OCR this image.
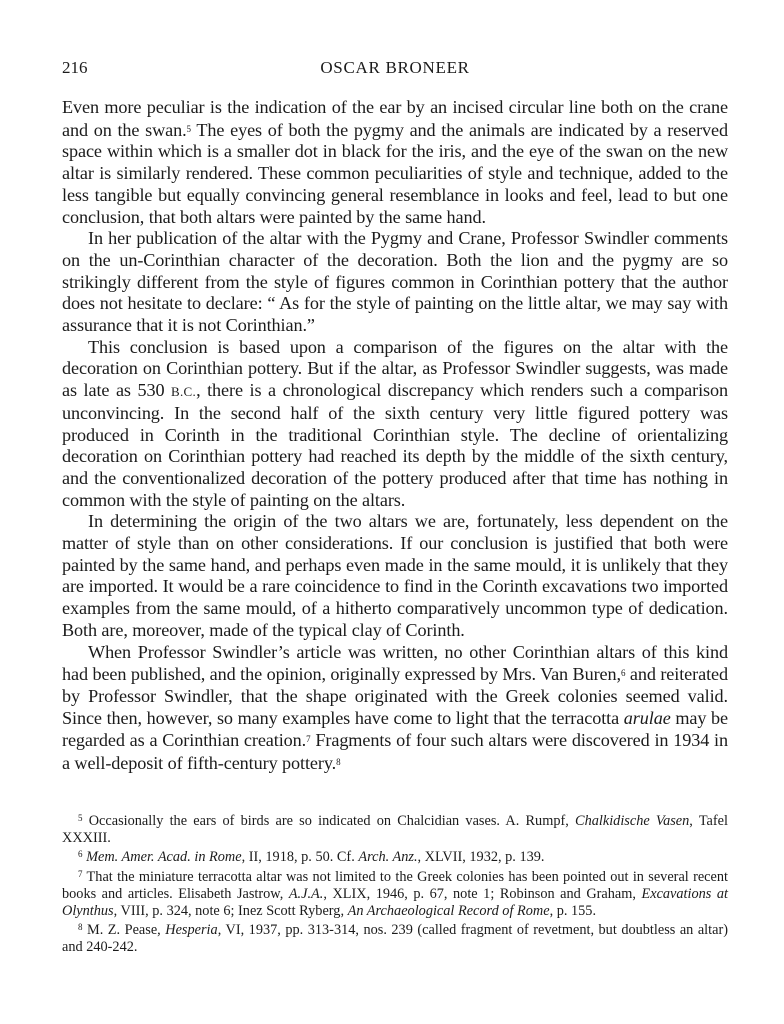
216	OSCAR BRONEER

Even more peculiar is the indication of the ear by an incised circular line both on the crane and on the swan.$^5$ The eyes of both the pygmy and the animals are indicated by a reserved space within which is a smaller dot in black for the iris, and the eye of the swan on the new altar is similarly rendered. These common peculiarities of style and technique, added to the less tangible but equally convincing general resemblance in looks and feel, lead to but one conclusion, that both altars were painted by the same hand.

In her publication of the altar with the Pygmy and Crane, Professor Swindler comments on the un-Corinthian character of the decoration. Both the lion and the pygmy are so strikingly different from the style of figures common in Corinthian pottery that the author does not hesitate to declare: “ As for the style of painting on the little altar, we may say with assurance that it is not Corinthian.”

This conclusion is based upon a comparison of the figures on the altar with the decoration on Corinthian pottery. But if the altar, as Professor Swindler suggests, was made as late as 530 B.C., there is a chronological discrepancy which renders such a comparison unconvincing. In the second half of the sixth century very little figured pottery was produced in Corinth in the traditional Corinthian style. The decline of orientalizing decoration on Corinthian pottery had reached its depth by the middle of the sixth century, and the conventionalized decoration of the pottery produced after that time has nothing in common with the style of painting on the altars.

In determining the origin of the two altars we are, fortunately, less dependent on the matter of style than on other considerations. If our conclusion is justified that both were painted by the same hand, and perhaps even made in the same mould, it is unlikely that they are imported. It would be a rare coincidence to find in the Corinth excavations two imported examples from the same mould, of a hitherto comparatively uncommon type of dedication. Both are, moreover, made of the typical clay of Corinth.

When Professor Swindler’s article was written, no other Corinthian altars of this kind had been published, and the opinion, originally expressed by Mrs. Van Buren,$^6$ and reiterated by Professor Swindler, that the shape originated with the Greek colonies seemed valid. Since then, however, so many examples have come to light that the terracotta arulae may be regarded as a Corinthian creation.$^7$ Fragments of four such altars were discovered in 1934 in a well-deposit of fifth-century pottery.$^8$

$^5$ Occasionally the ears of birds are so indicated on Chalcidian vases. A. Rumpf, Chalkidische Vasen, Tafel XXXIII.

$^6$ Mem. Amer. Acad. in Rome, II, 1918, p. 50. Cf. Arch. Anz., XLVII, 1932, p. 139.

$^7$ That the miniature terracotta altar was not limited to the Greek colonies has been pointed out in several recent books and articles. Elisabeth Jastrow, A.J.A., XLIX, 1946, p. 67, note 1; Robinson and Graham, Excavations at Olynthus, VIII, p. 324, note 6; Inez Scott Ryberg, An Archaeological Record of Rome, p. 155.

$^8$ M. Z. Pease, Hesperia, VI, 1937, pp. 313-314, nos. 239 (called fragment of revetment, but doubtless an altar) and 240-242.
